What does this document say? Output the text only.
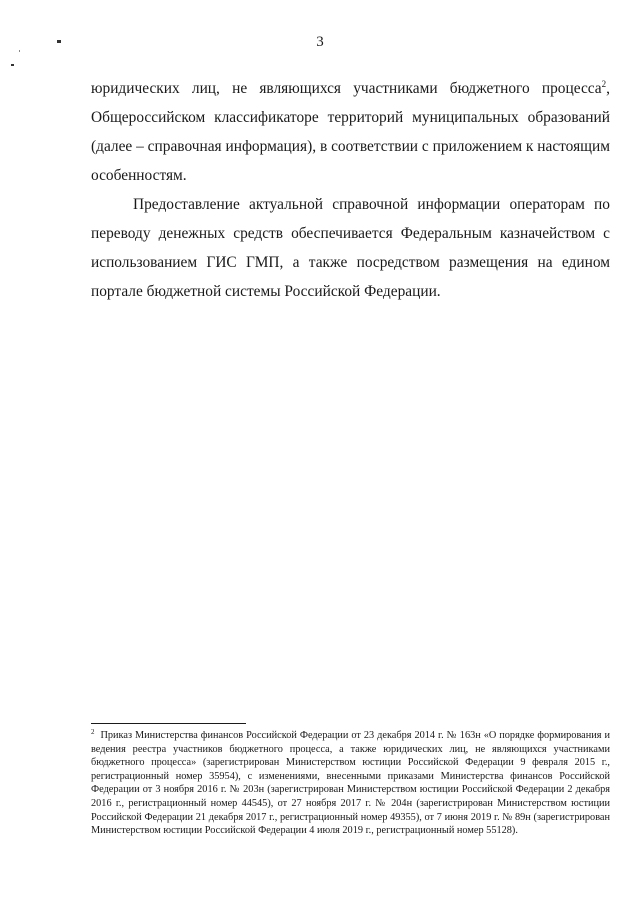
3

юридических лиц, не являющихся участниками бюджетного процесса$^2$, Общероссийском классификаторе территорий муниципальных образований (далее – справочная информация), в соответствии с приложением к настоящим особенностям.

Предоставление актуальной справочной информации операторам по переводу денежных средств обеспечивается Федеральным казначейством с использованием ГИС ГМП, а также посредством размещения на едином портале бюджетной системы Российской Федерации.

$^2$ Приказ Министерства финансов Российской Федерации от 23 декабря 2014 г. № 163н «О порядке формирования и ведения реестра участников бюджетного процесса, а также юридических лиц, не являющихся участниками бюджетного процесса» (зарегистрирован Министерством юстиции Российской Федерации 9 февраля 2015 г., регистрационный номер 35954), с изменениями, внесенными приказами Министерства финансов Российской Федерации от 3 ноября 2016 г. № 203н (зарегистрирован Министерством юстиции Российской Федерации 2 декабря 2016 г., регистрационный номер 44545), от 27 ноября 2017 г. № 204н (зарегистрирован Министерством юстиции Российской Федерации 21 декабря 2017 г., регистрационный номер 49355), от 7 июня 2019 г. № 89н (зарегистрирован Министерством юстиции Российской Федерации 4 июля 2019 г., регистрационный номер 55128).
